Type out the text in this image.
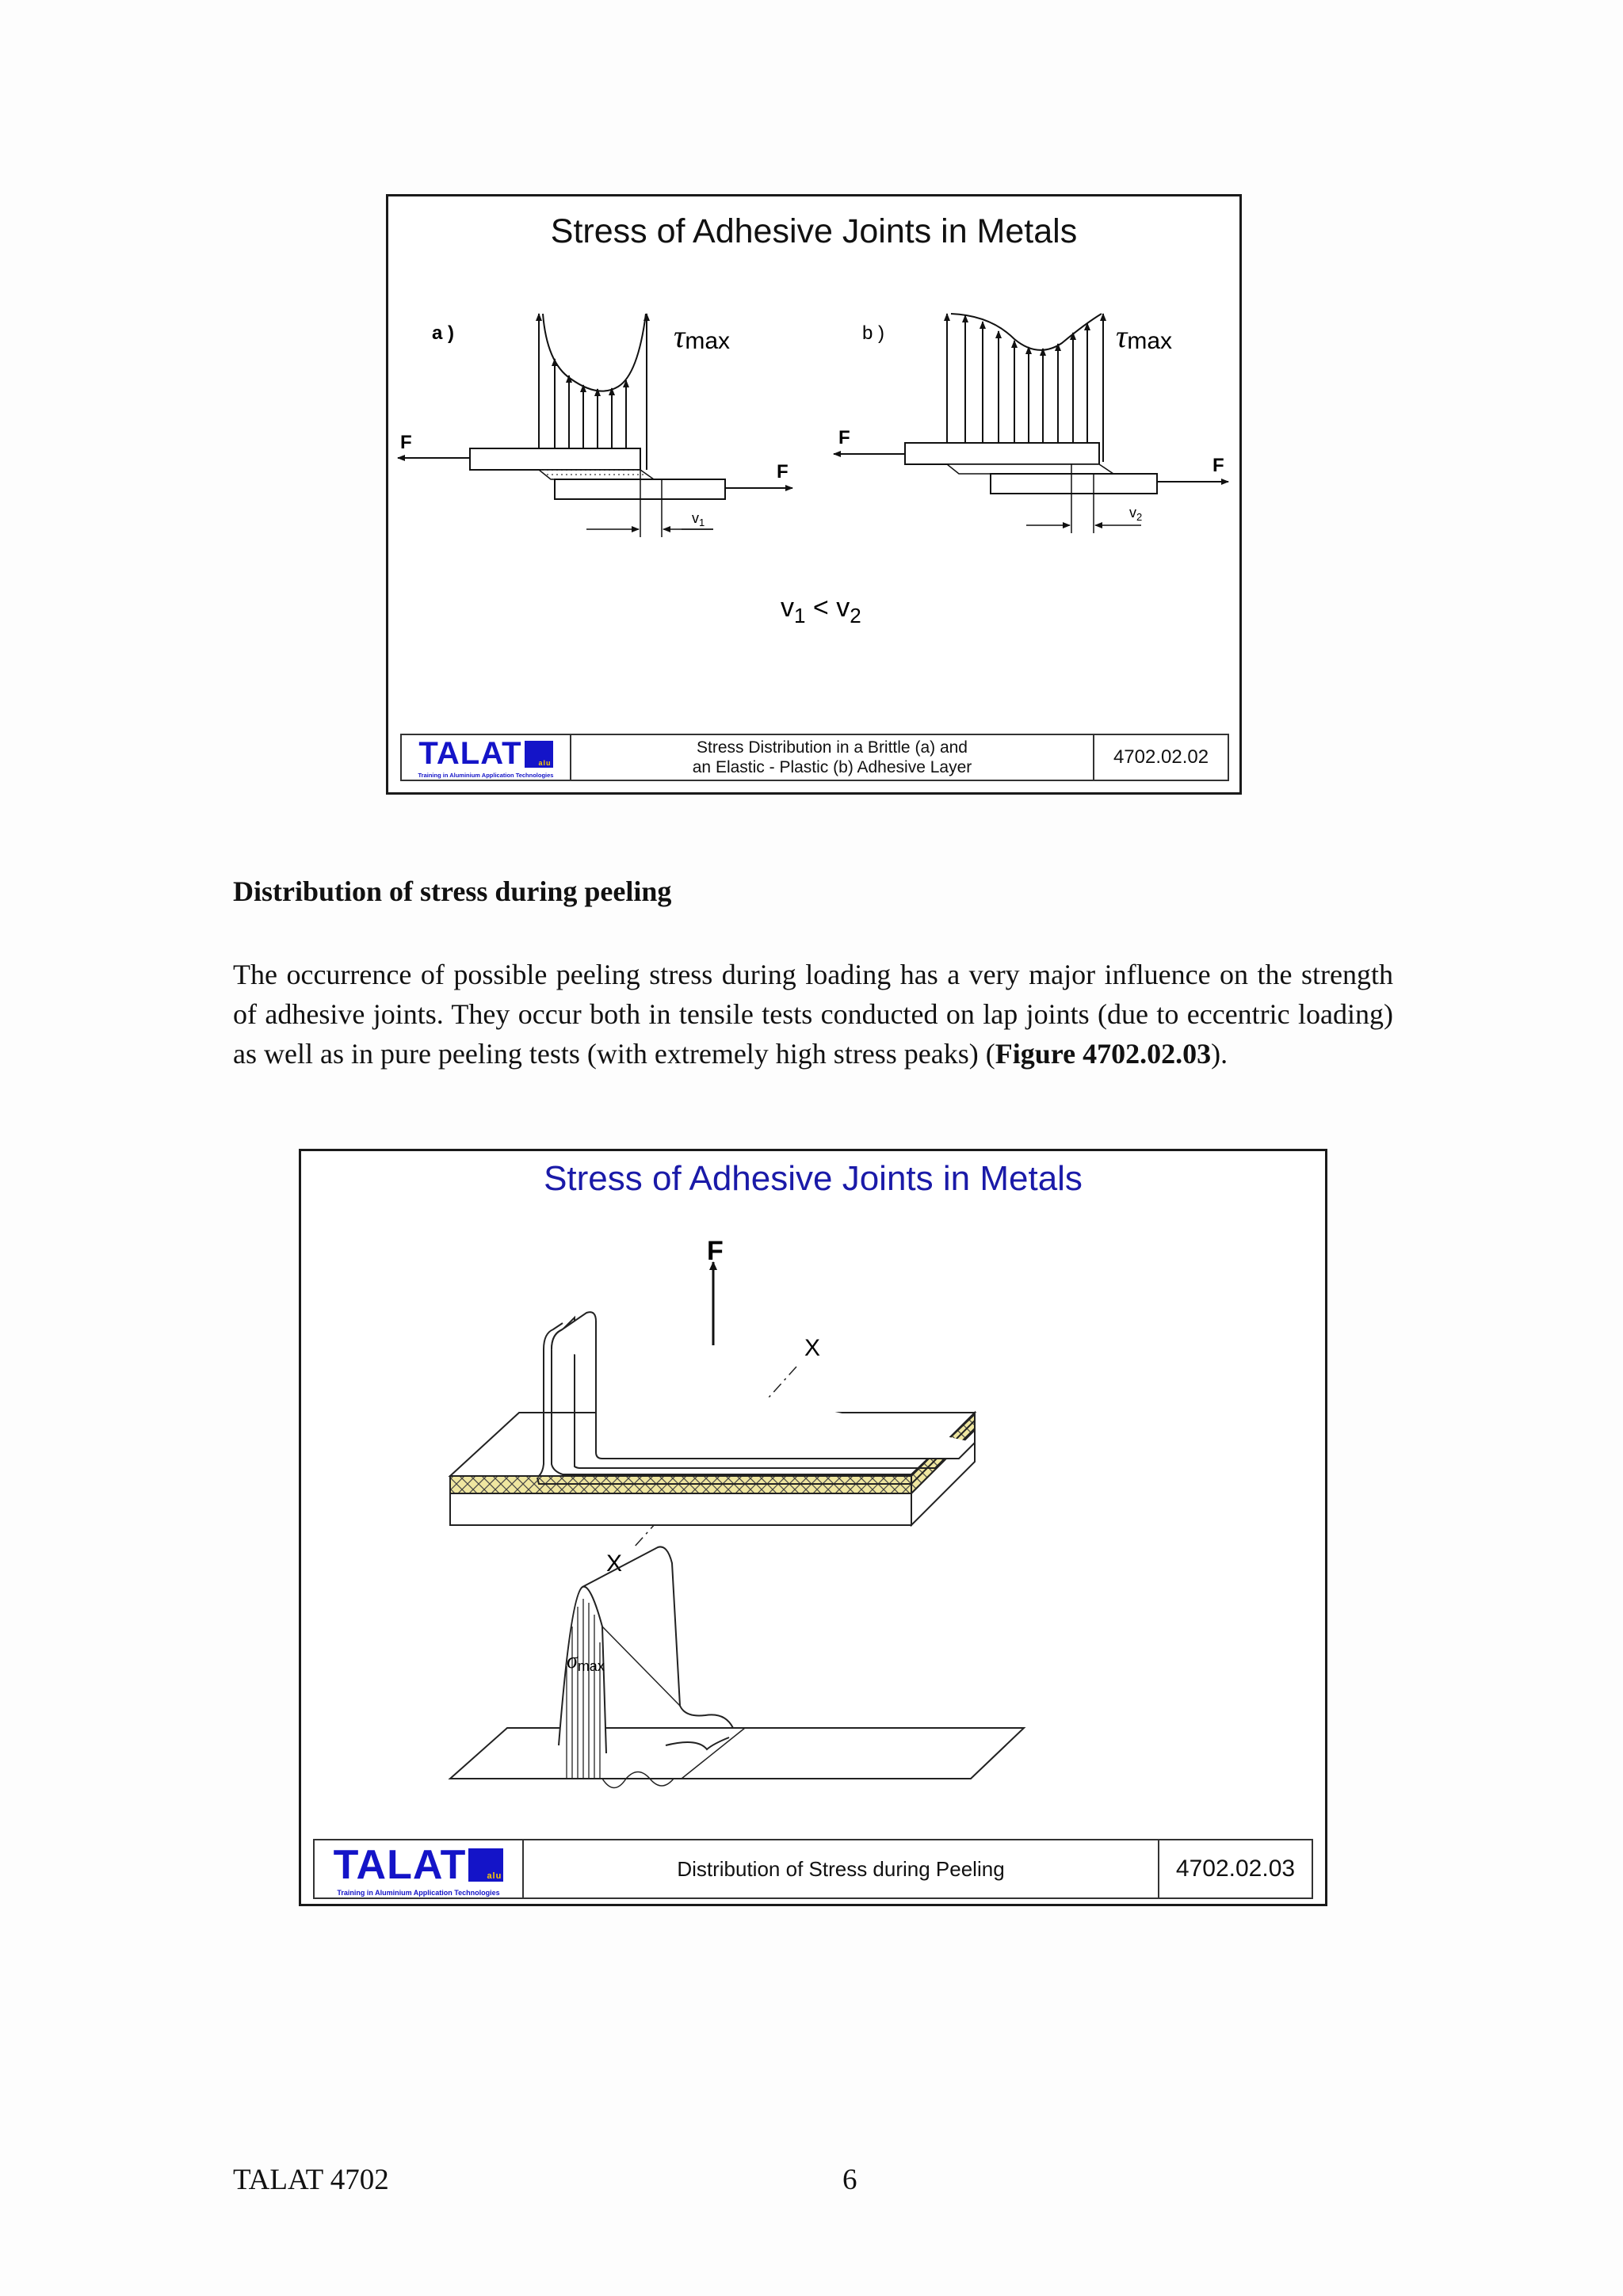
Stress of Adhesive Joints in Metals
a )	τmax
F
F
$v_1$
b )	τmax
F
F
$v_2$
$v_1 < v_2$
TALAT alu
Training in Aluminium Application Technologies
Stress Distribution in a Brittle (a) and
an Elastic - Plastic (b) Adhesive Layer	4702.02.02
Distribution of stress during peeling
The occurrence of possible peeling stress during loading has a very major influence on the strength of adhesive joints. They occur both in tensile tests conducted on lap joints (due to eccentric loading) as well as in pure peeling tests (with extremely high stress peaks) (Figure 4702.02.03).
Stress of Adhesive Joints in Metals
F
X
X
σmax
TALAT alu
Training in Aluminium Application Technologies
Distribution of Stress during Peeling	4702.02.03
TALAT 4702	6
